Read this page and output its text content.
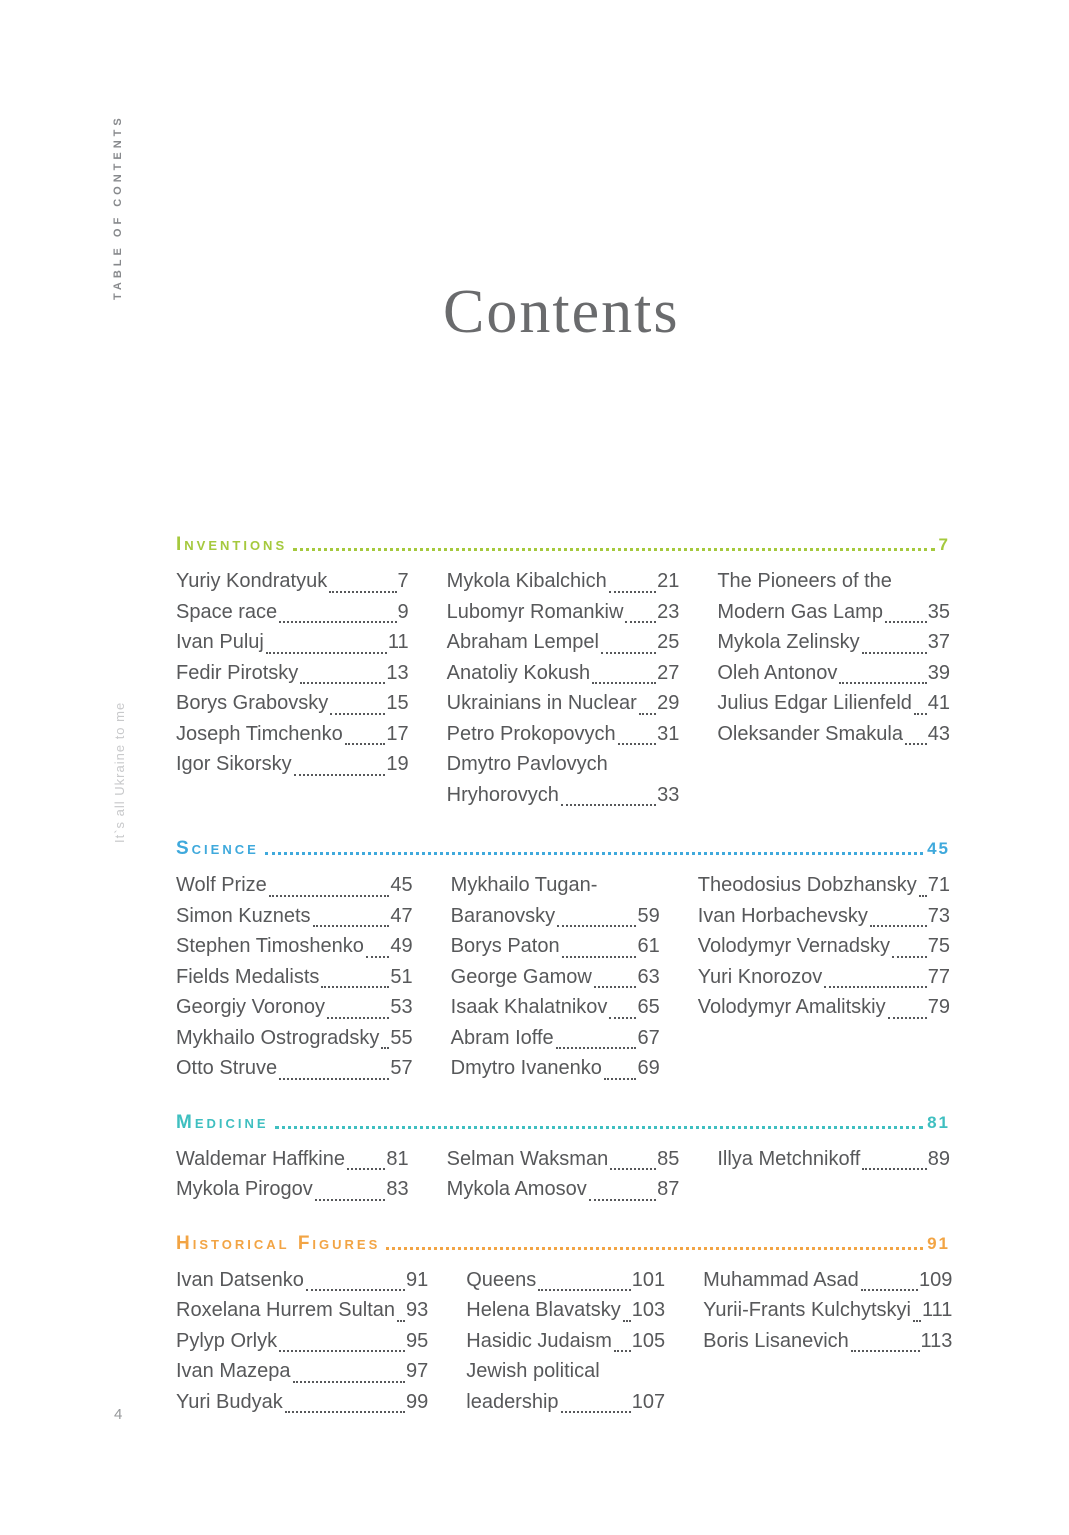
TABLE OF CONTENTS
It`s all Ukraine to me
4
Contents
Inventions	7
Yuriy Kondratyuk	7
Space race	9
Ivan Puluj	11
Fedir Pirotsky	13
Borys Grabovsky	15
Joseph Timchenko 17
Igor Sikorsky	19
Mykola Kibalchich	21
Lubomyr Romankiw 23
Abraham Lempel	25
Anatoliy Kokush	27
Ukrainians in Nuclear 29
Petro Prokopovych 31
Dmytro Pavlovych
Hryhorovych	33
The Pioneers of the
Modern Gas Lamp 35
Mykola Zelinsky	37
Oleh Antonov	39
Julius Edgar Lilienfeld 41
Oleksander Smakula 43
Science	45
Wolf Prize	45
Simon Kuznets	47
Stephen Timoshenko 49
Fields Medalists	51
Georgiy Voronoy	53
Mykhailo Ostrogradsky 55
Otto Struve	57
Mykhailo Tugan-
Baranovsky	59
Borys Paton	61
George Gamow 63
Isaak Khalatnikov 65
Abram Ioffe	67
Dmytro Ivanenko 69
Theodosius Dobzhansky 71
Ivan Horbachevsky	73
Volodymyr Vernadsky 75
Yuri Knorozov	77
Volodymyr Amalitskiy 79
Medicine	81
Waldemar Haffkine 81
Mykola Pirogov	83
Selman Waksman 85
Mykola Amosov	87
Illya Metchnikoff	89
Historical Figures	91
Ivan Datsenko	91
Roxelana Hurrem Sultan 93
Pylyp Orlyk	95
Ivan Mazepa	97
Yuri Budyak	99
Queens	101
Helena Blavatsky 103
Hasidic Judaism 105
Jewish political
leadership	107
Muhammad Asad	109
Yurii-Frants Kulchytskyi 111
Boris Lisanevich	113
